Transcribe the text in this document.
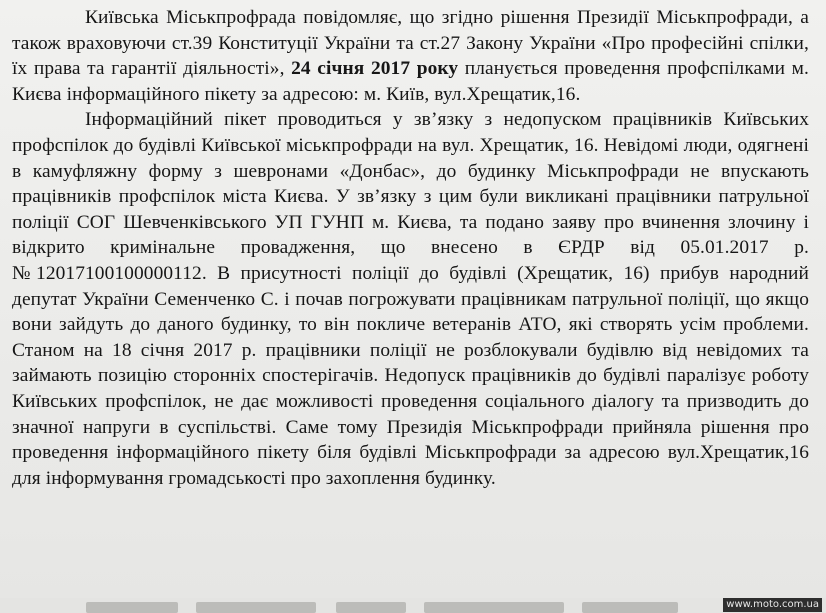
Київська Міськпрофрада повідомляє, що згідно рішення Президії Міськпрофради, а також враховуючи ст.39 Конституції України та ст.27 Закону України «Про професійні спілки, їх права та гарантії діяльності», 24 січня 2017 року планується проведення профспілками м. Києва інформаційного пікету за адресою: м. Київ, вул.Хрещатик,16.

Інформаційний пікет проводиться у зв’язку з недопуском працівників Київських профспілок до будівлі Київської міськпрофради на вул. Хрещатик, 16. Невідомі люди, одягнені в камуфляжну форму з шевронами «Донбас», до будинку Міськпрофради не впускають працівників профспілок міста Києва. У зв’язку з цим були викликані працівники патрульної поліції СОГ Шевченківського УП ГУНП м. Києва, та подано заяву про вчинення злочину і відкрито кримінальне провадження, що внесено в ЄРДР від 05.01.2017 р. №12017100100000112. В присутності поліції до будівлі (Хрещатик, 16) прибув народний депутат України Семенченко С. і почав погрожувати працівникам патрульної поліції, що якщо вони зайдуть до даного будинку, то він покличе ветеранів АТО, які створять усім проблеми. Станом на 18 січня 2017 р. працівники поліції не розблокували будівлю від невідомих та займають позицію сторонніх спостерігачів. Недопуск працівників до будівлі паралізує роботу Київських профспілок, не дає можливості проведення соціального діалогу та призводить до значної напруги в суспільстві. Саме тому Президія Міськпрофради прийняла рішення про проведення інформаційного пікету біля будівлі Міськпрофради за адресою вул.Хрещатик,16 для інформування громадськості про захоплення будинку.

www.moto.com.ua
